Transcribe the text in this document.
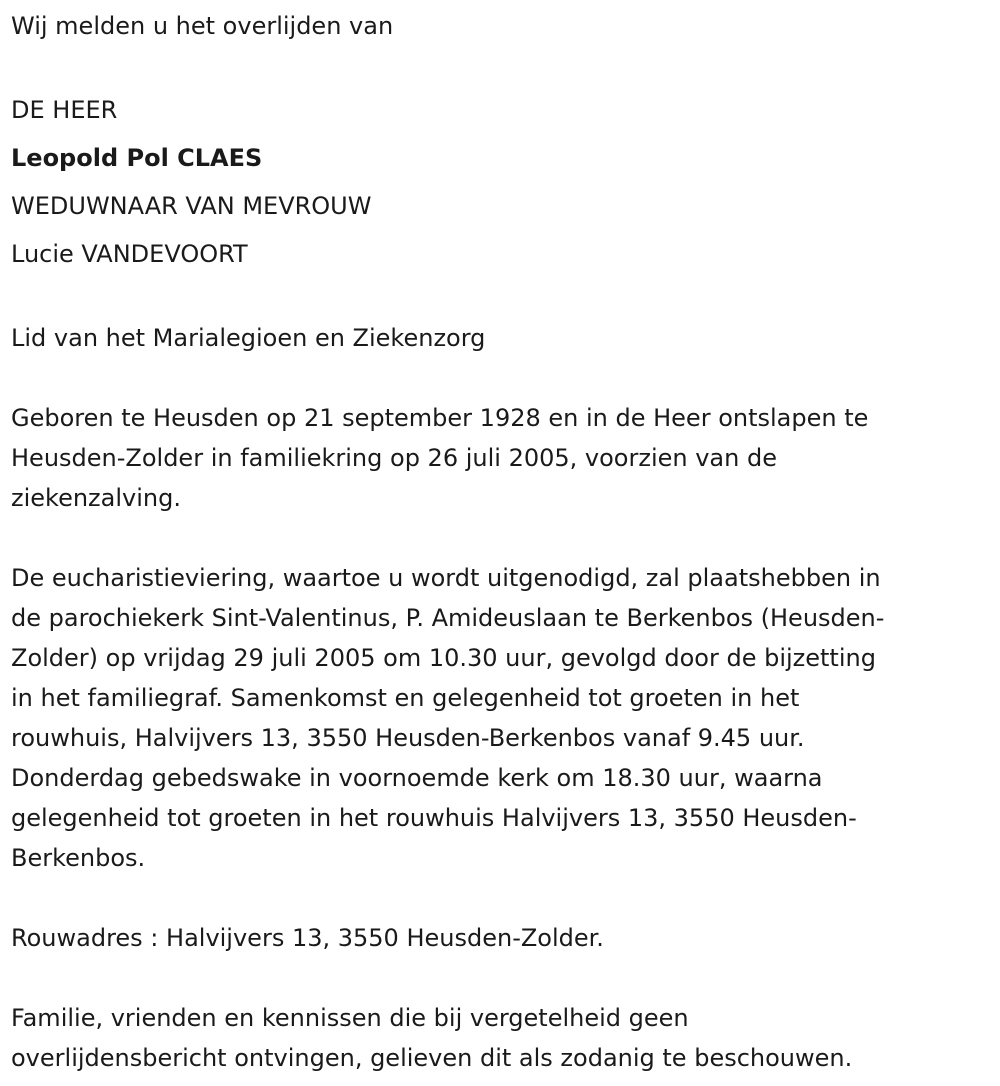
Wij melden u het overlijden van
DE HEER
Leopold Pol CLAES
WEDUWNAAR VAN MEVROUW
Lucie VANDEVOORT
Lid van het Marialegioen en Ziekenzorg
Geboren te Heusden op 21 september 1928 en in de Heer ontslapen te
Heusden-Zolder in familiekring op 26 juli 2005, voorzien van de
ziekenzalving.
De eucharistieviering, waartoe u wordt uitgenodigd, zal plaatshebben in
de parochiekerk Sint-Valentinus, P. Amideuslaan te Berkenbos (Heusden-
Zolder) op vrijdag 29 juli 2005 om 10.30 uur, gevolgd door de bijzetting
in het familiegraf. Samenkomst en gelegenheid tot groeten in het
rouwhuis, Halvijvers 13, 3550 Heusden-Berkenbos vanaf 9.45 uur.
Donderdag gebedswake in voornoemde kerk om 18.30 uur, waarna
gelegenheid tot groeten in het rouwhuis Halvijvers 13, 3550 Heusden-
Berkenbos.
Rouwadres : Halvijvers 13, 3550 Heusden-Zolder.
Familie, vrienden en kennissen die bij vergetelheid geen
overlijdensbericht ontvingen, gelieven dit als zodanig te beschouwen.
